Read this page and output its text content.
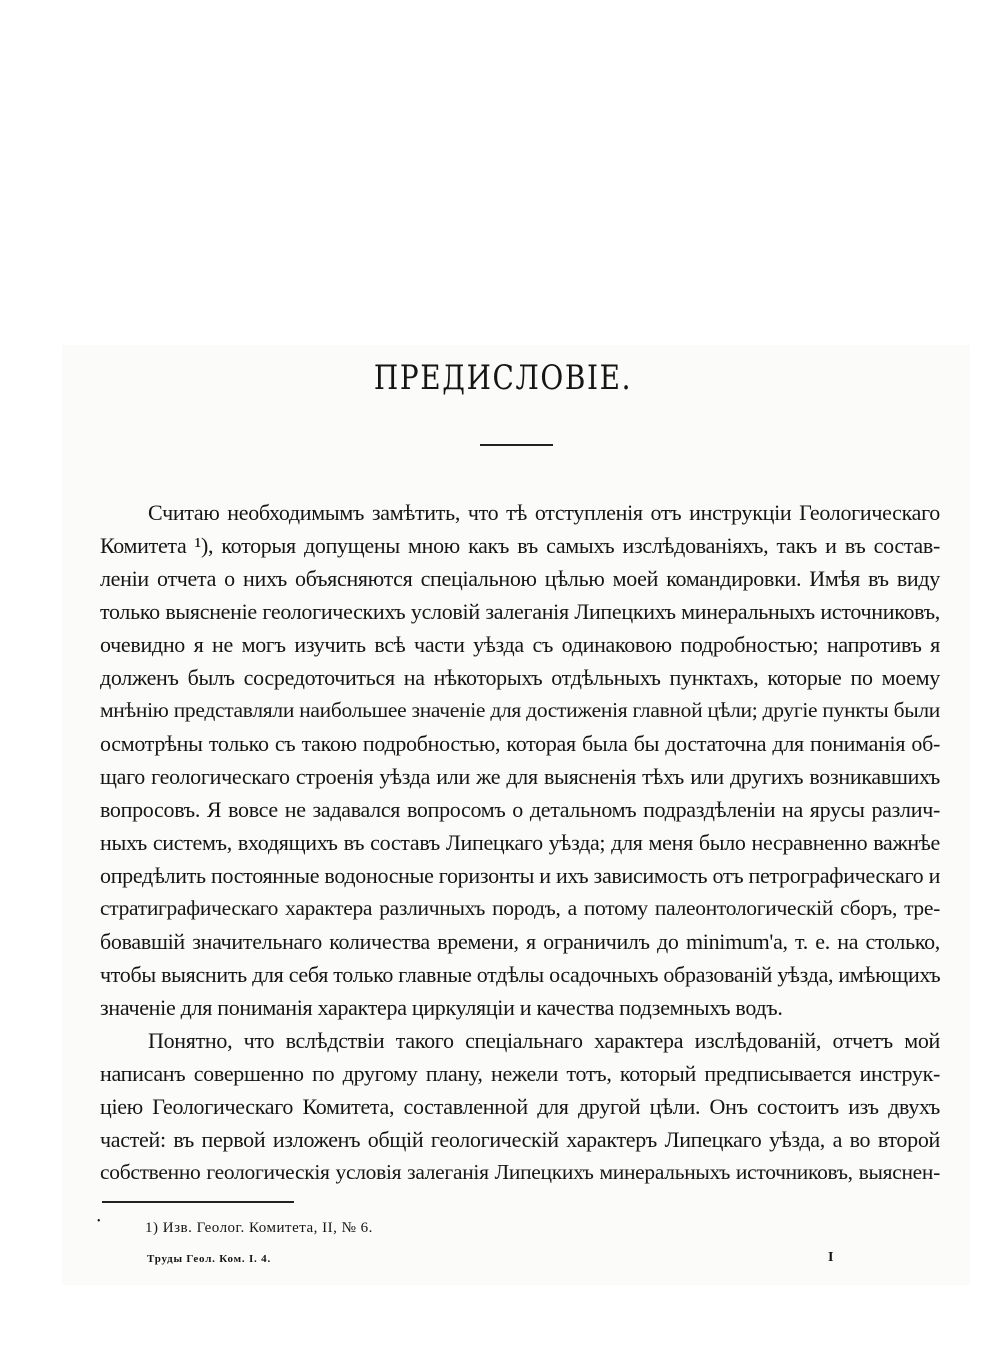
ПРЕДИСЛОВІЕ.
Считаю необходимымъ замѣтить, что тѣ отступленія отъ инструкціи Геологическаго
Комитета ¹), которыя допущены мною какъ въ самыхъ изслѣдованіяхъ, такъ и въ состав-
леніи отчета о нихъ объясняются спеціальною цѣлью моей командировки. Имѣя въ виду
только выясненіе геологическихъ условій залеганія Липецкихъ минеральныхъ источниковъ,
очевидно я не могъ изучить всѣ части уѣзда съ одинаковою подробностью; напротивъ я
долженъ былъ сосредоточиться на нѣкоторыхъ отдѣльныхъ пунктахъ, которые по моему
мнѣнію представляли наибольшее значеніе для достиженія главной цѣли; другіе пункты были
осмотрѣны только съ такою подробностью, которая была бы достаточна для пониманія об-
щаго геологическаго строенія уѣзда или же для выясненія тѣхъ или другихъ возникавшихъ
вопросовъ. Я вовсе не задавался вопросомъ о детальномъ подраздѣленіи на ярусы различ-
ныхъ системъ, входящихъ въ составъ Липецкаго уѣзда; для меня было несравненно важнѣе
опредѣлить постоянные водоносные горизонты и ихъ зависимость отъ петрографическаго и
стратиграфическаго характера различныхъ породъ, а потому палеонтологическій сборъ, тре-
бовавшій значительнаго количества времени, я ограничилъ до minimum'а, т. е. на столько,
чтобы выяснить для себя только главные отдѣлы осадочныхъ образованій уѣзда, имѣющихъ
значеніе для пониманія характера циркуляціи и качества подземныхъ водъ.
Понятно, что вслѣдствіи такого спеціальнаго характера изслѣдованій, отчетъ мой
написанъ совершенно по другому плану, нежели тотъ, который предписывается инструк-
ціею Геологическаго Комитета, составленной для другой цѣли. Онъ состоитъ изъ двухъ
частей: въ первой изложенъ общій геологическій характеръ Липецкаго уѣзда, а во второй
собственно геологическія условія залеганія Липецкихъ минеральныхъ источниковъ, выяснен-
•	1) Изв. Геолог. Комитета, II, № 6.
Труды Геол. Ком. I. 4.	I
